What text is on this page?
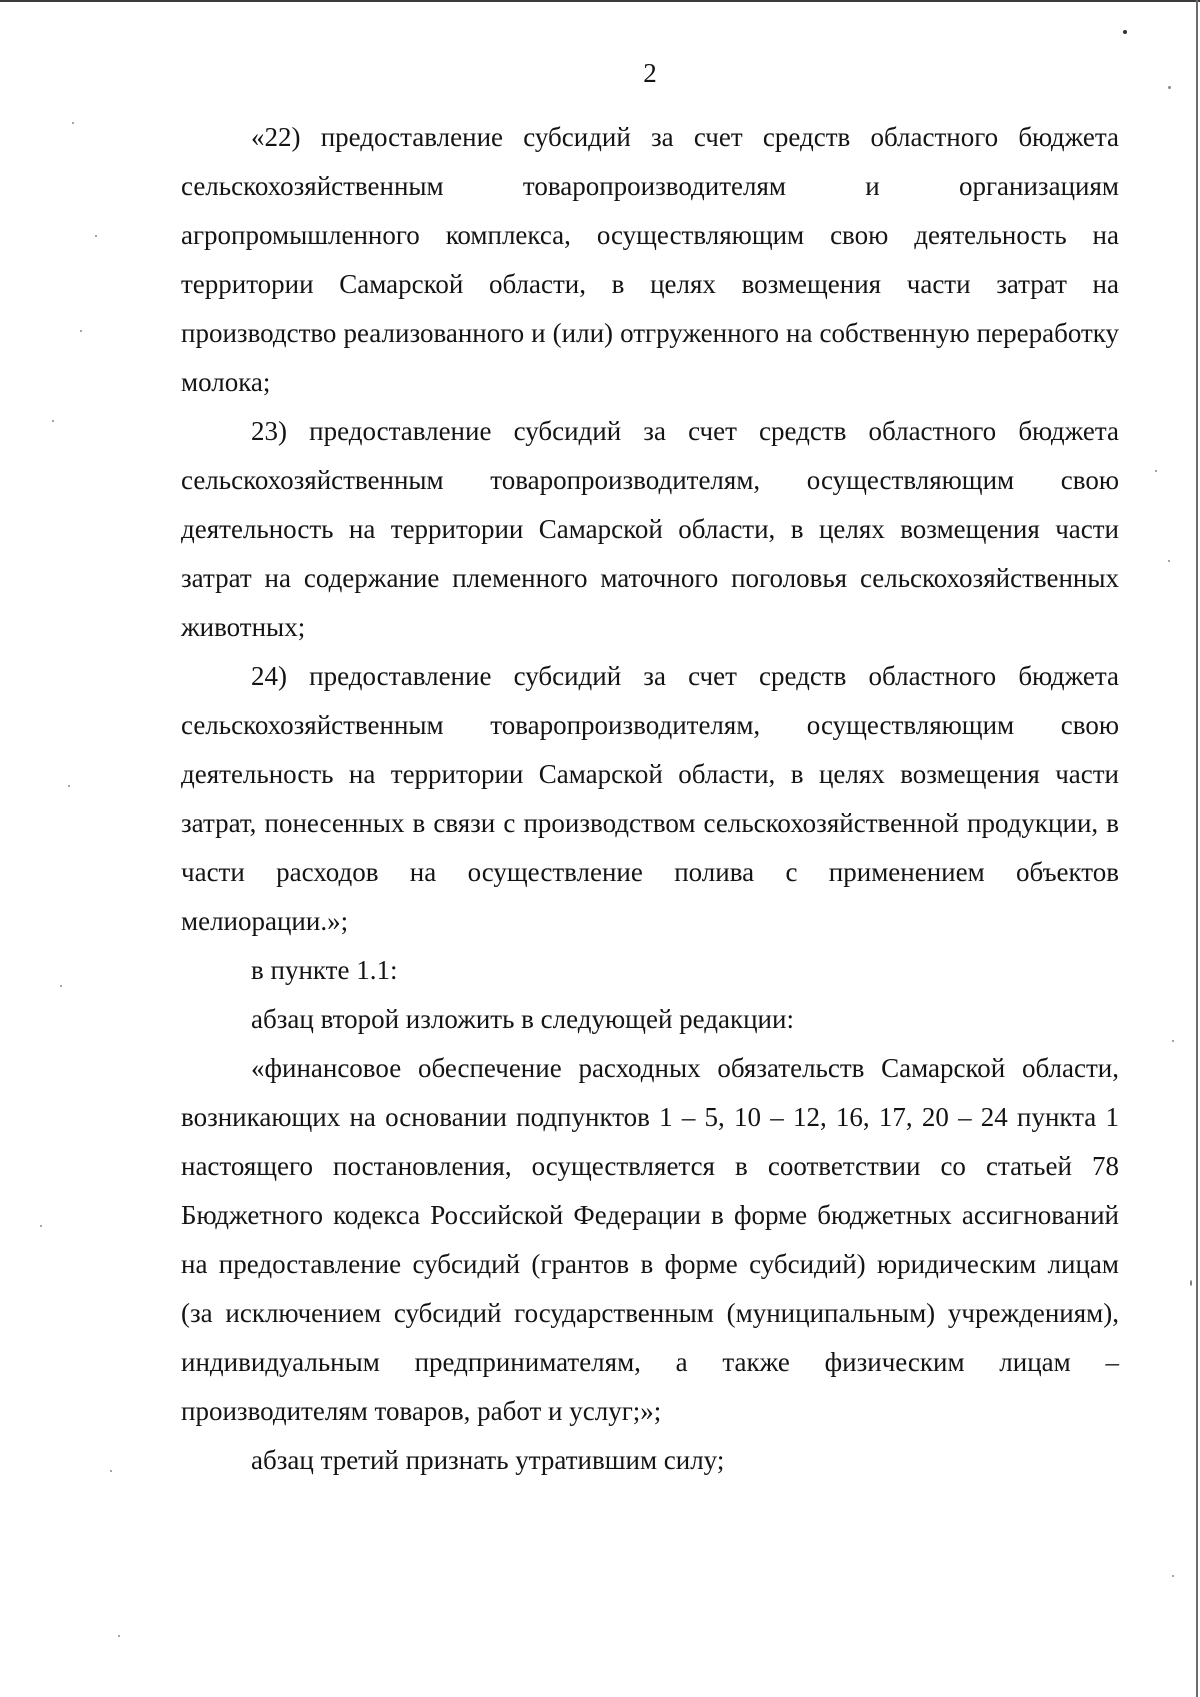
2

«22) предоставление субсидий за счет средств областного бюджета сельскохозяйственным товаропроизводителям и организациям агропромышленного комплекса, осуществляющим свою деятельность на территории Самарской области, в целях возмещения части затрат на производство реализованного и (или) отгруженного на собственную переработку молока;

23) предоставление субсидий за счет средств областного бюджета сельскохозяйственным товаропроизводителям, осуществляющим свою деятельность на территории Самарской области, в целях возмещения части затрат на содержание племенного маточного поголовья сельскохозяйственных животных;

24) предоставление субсидий за счет средств областного бюджета сельскохозяйственным товаропроизводителям, осуществляющим свою деятельность на территории Самарской области, в целях возмещения части затрат, понесенных в связи с производством сельскохозяйственной продукции, в части расходов на осуществление полива с применением объектов мелиорации.»;

в пункте 1.1:

абзац второй изложить в следующей редакции:

«финансовое обеспечение расходных обязательств Самарской области, возникающих на основании подпунктов 1 – 5, 10 – 12, 16, 17, 20 – 24 пункта 1 настоящего постановления, осуществляется в соответствии со статьей 78 Бюджетного кодекса Российской Федерации в форме бюджетных ассигнований на предоставление субсидий (грантов в форме субсидий) юридическим лицам (за исключением субсидий государственным (муниципальным) учреждениям), индивидуальным предпринимателям, а также физическим лицам – производителям товаров, работ и услуг;»;

абзац третий признать утратившим силу;
